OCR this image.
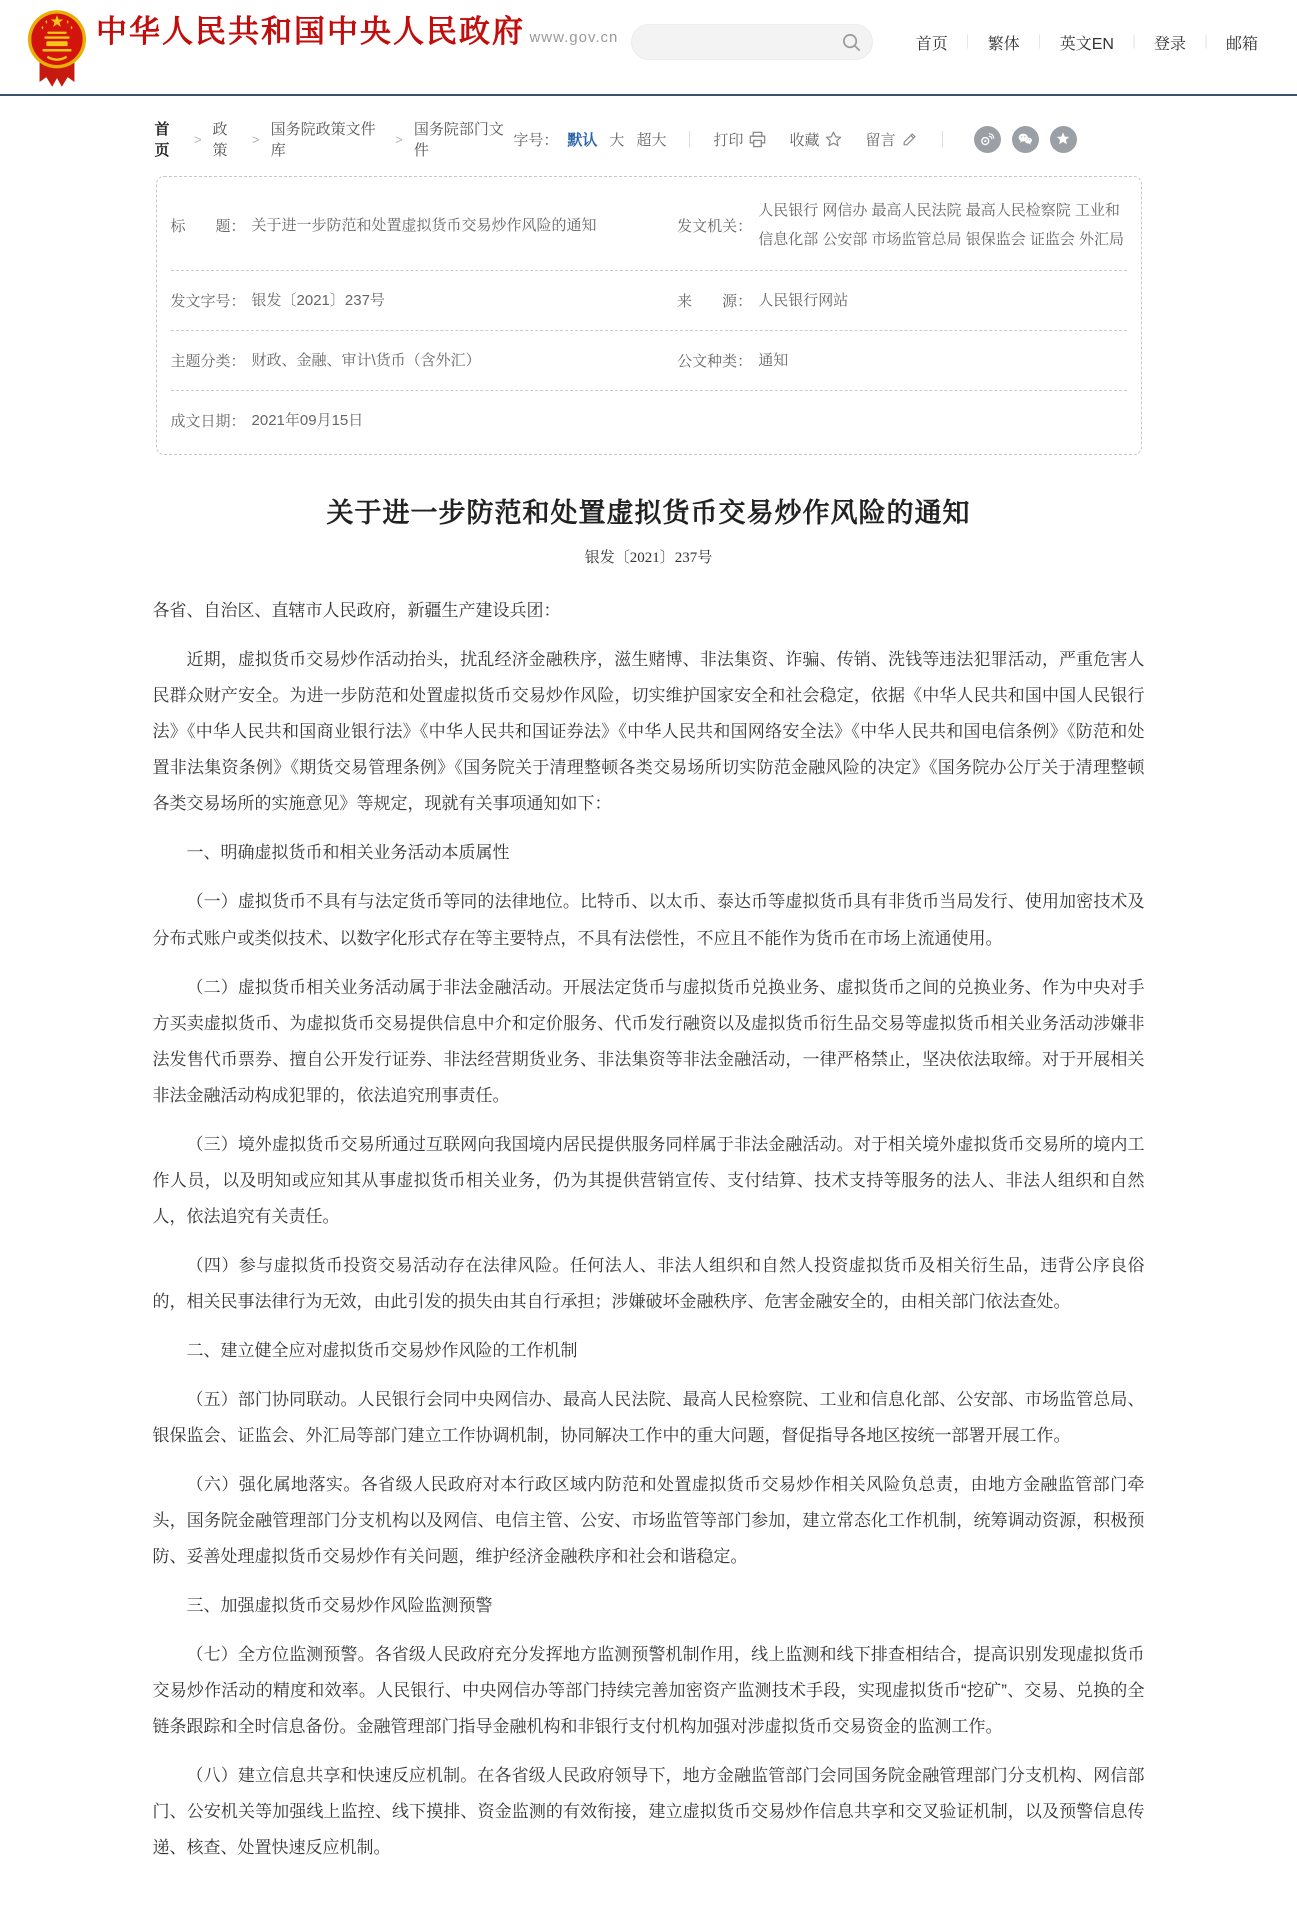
中华人民共和国中央人民政府 www.gov.cn	首页 ｜ 繁体 ｜ 英文EN ｜ 登录 ｜ 邮箱
首页
>
政策
>
国务院政策文件库
>
国务院部门文件
字号： 默认 大 超大	打印	收藏	留言
标　　题： 关于进一步防范和处置虚拟货币交易炒作风险的通知	发文机关：
人民银行 网信办 最高人民法院 最高人民检察院 工业和信息化部 公安部 市场监管总局 银保监会 证监会 外汇局
发文字号： 银发〔2021〕237号	来　　源： 人民银行网站
主题分类： 财政、金融、审计\货币（含外汇）	公文种类： 通知
成文日期： 2021年09月15日
关于进一步防范和处置虚拟货币交易炒作风险的通知
银发〔2021〕237号

各省、自治区、直辖市人民政府，新疆生产建设兵团：

近期，虚拟货币交易炒作活动抬头，扰乱经济金融秩序，滋生赌博、非法集资、诈骗、传销、洗钱等违法犯罪活动，严重危害人民群众财产安全。为进一步防范和处置虚拟货币交易炒作风险，切实维护国家安全和社会稳定，依据《中华人民共和国中国人民银行法》《中华人民共和国商业银行法》《中华人民共和国证券法》《中华人民共和国网络安全法》《中华人民共和国电信条例》《防范和处置非法集资条例》《期货交易管理条例》《国务院关于清理整顿各类交易场所切实防范金融风险的决定》《国务院办公厅关于清理整顿各类交易场所的实施意见》等规定，现就有关事项通知如下：

一、明确虚拟货币和相关业务活动本质属性

（一）虚拟货币不具有与法定货币等同的法律地位。比特币、以太币、泰达币等虚拟货币具有非货币当局发行、使用加密技术及分布式账户或类似技术、以数字化形式存在等主要特点，不具有法偿性，不应且不能作为货币在市场上流通使用。

（二）虚拟货币相关业务活动属于非法金融活动。开展法定货币与虚拟货币兑换业务、虚拟货币之间的兑换业务、作为中央对手方买卖虚拟货币、为虚拟货币交易提供信息中介和定价服务、代币发行融资以及虚拟货币衍生品交易等虚拟货币相关业务活动涉嫌非法发售代币票券、擅自公开发行证券、非法经营期货业务、非法集资等非法金融活动，一律严格禁止，坚决依法取缔。对于开展相关非法金融活动构成犯罪的，依法追究刑事责任。

（三）境外虚拟货币交易所通过互联网向我国境内居民提供服务同样属于非法金融活动。对于相关境外虚拟货币交易所的境内工作人员，以及明知或应知其从事虚拟货币相关业务，仍为其提供营销宣传、支付结算、技术支持等服务的法人、非法人组织和自然人，依法追究有关责任。

（四）参与虚拟货币投资交易活动存在法律风险。任何法人、非法人组织和自然人投资虚拟货币及相关衍生品，违背公序良俗的，相关民事法律行为无效，由此引发的损失由其自行承担；涉嫌破坏金融秩序、危害金融安全的，由相关部门依法查处。

二、建立健全应对虚拟货币交易炒作风险的工作机制

（五）部门协同联动。人民银行会同中央网信办、最高人民法院、最高人民检察院、工业和信息化部、公安部、市场监管总局、银保监会、证监会、外汇局等部门建立工作协调机制，协同解决工作中的重大问题，督促指导各地区按统一部署开展工作。

（六）强化属地落实。各省级人民政府对本行政区域内防范和处置虚拟货币交易炒作相关风险负总责，由地方金融监管部门牵头，国务院金融管理部门分支机构以及网信、电信主管、公安、市场监管等部门参加，建立常态化工作机制，统筹调动资源，积极预防、妥善处理虚拟货币交易炒作有关问题，维护经济金融秩序和社会和谐稳定。

三、加强虚拟货币交易炒作风险监测预警

（七）全方位监测预警。各省级人民政府充分发挥地方监测预警机制作用，线上监测和线下排查相结合，提高识别发现虚拟货币交易炒作活动的精度和效率。人民银行、中央网信办等部门持续完善加密资产监测技术手段，实现虚拟货币“挖矿”、交易、兑换的全链条跟踪和全时信息备份。金融管理部门指导金融机构和非银行支付机构加强对涉虚拟货币交易资金的监测工作。

（八）建立信息共享和快速反应机制。在各省级人民政府领导下，地方金融监管部门会同国务院金融管理部门分支机构、网信部门、公安机关等加强线上监控、线下摸排、资金监测的有效衔接，建立虚拟货币交易炒作信息共享和交叉验证机制，以及预警信息传递、核查、处置快速反应机制。
